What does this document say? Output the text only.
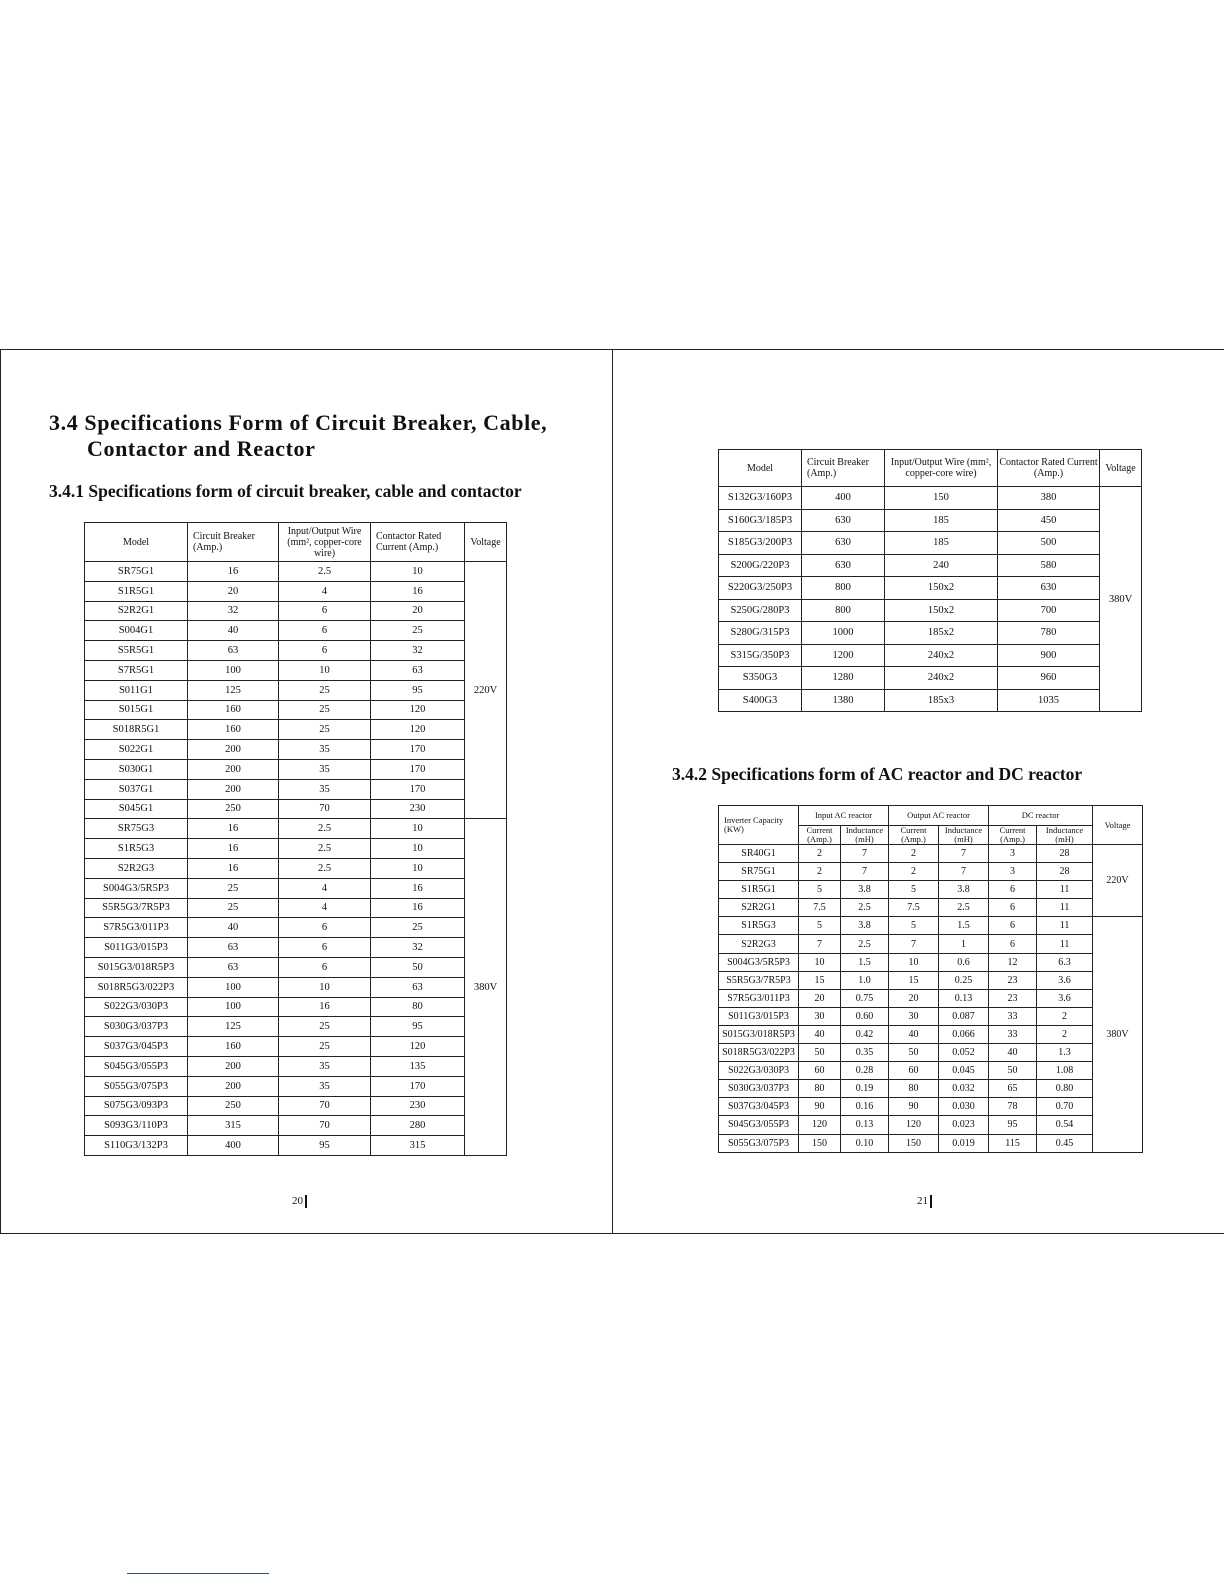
3.4 Specifications Form of Circuit Breaker, Cable,
Contactor and Reactor
3.4.1 Specifications form of circuit breaker, cable and contactor
Model	Circuit Breaker (Amp.)	Input/Output Wire (mm², copper-core wire)	Contactor Rated Current (Amp.)	Voltage
SR75G1	16	2.5	10	220V
S1R5G1	20	4	16	
S2R2G1	32	6	20	
S004G1	40	6	25	
S5R5G1	63	6	32	
S7R5G1	100	10	63	
S011G1	125	25	95	
S015G1	160	25	120	
S018R5G1	160	25	120	
S022G1	200	35	170	
S030G1	200	35	170	
S037G1	200	35	170	
S045G1	250	70	230	
SR75G3	16	2.5	10	380V
S1R5G3	16	2.5	10	
S2R2G3	16	2.5	10	
S004G3/5R5P3	25	4	16	
S5R5G3/7R5P3	25	4	16	
S7R5G3/011P3	40	6	25	
S011G3/015P3	63	6	32	
S015G3/018R5P3	63	6	50	
S018R5G3/022P3	100	10	63	
S022G3/030P3	100	16	80	
S030G3/037P3	125	25	95	
S037G3/045P3	160	25	120	
S045G3/055P3	200	35	135	
S055G3/075P3	200	35	170	
S075G3/093P3	250	70	230	
S093G3/110P3	315	70	280	
S110G3/132P3	400	95	315	
20
Model	Circuit Breaker (Amp.)	Input/Output Wire (mm², copper-core wire)	Contactor Rated Current (Amp.)	Voltage
S132G3/160P3	400	150	380	380V
S160G3/185P3	630	185	450	
S185G3/200P3	630	185	500	
S200G/220P3	630	240	580	
S220G3/250P3	800	150x2	630	
S250G/280P3	800	150x2	700	
S280G/315P3	1000	185x2	780	
S315G/350P3	1200	240x2	900	
S350G3	1280	240x2	960	
S400G3	1380	185x3	1035	
3.4.2 Specifications form of AC reactor and DC reactor
Inverter Capacity (KW)	Input AC reactor		Output AC reactor		DC reactor		Voltage
	Current (Amp.)	Inductance (mH)	Current (Amp.)	Inductance (mH)	Current (Amp.)	Inductance (mH)	
SR40G1	2	7	2	7	3	28	220V
SR75G1	2	7	2	7	3	28	
S1R5G1	5	3.8	5	3.8	6	11	
S2R2G1	7.5	2.5	7.5	2.5	6	11	
S1R5G3	5	3.8	5	1.5	6	11	380V
S2R2G3	7	2.5	7	1	6	11	
S004G3/5R5P3	10	1.5	10	0.6	12	6.3	
S5R5G3/7R5P3	15	1.0	15	0.25	23	3.6	
S7R5G3/011P3	20	0.75	20	0.13	23	3.6	
S011G3/015P3	30	0.60	30	0.087	33	2	
S015G3/018R5P3	40	0.42	40	0.066	33	2	
S018R5G3/022P3	50	0.35	50	0.052	40	1.3	
S022G3/030P3	60	0.28	60	0.045	50	1.08	
S030G3/037P3	80	0.19	80	0.032	65	0.80	
S037G3/045P3	90	0.16	90	0.030	78	0.70	
S045G3/055P3	120	0.13	120	0.023	95	0.54	
S055G3/075P3	150	0.10	150	0.019	115	0.45	
21
